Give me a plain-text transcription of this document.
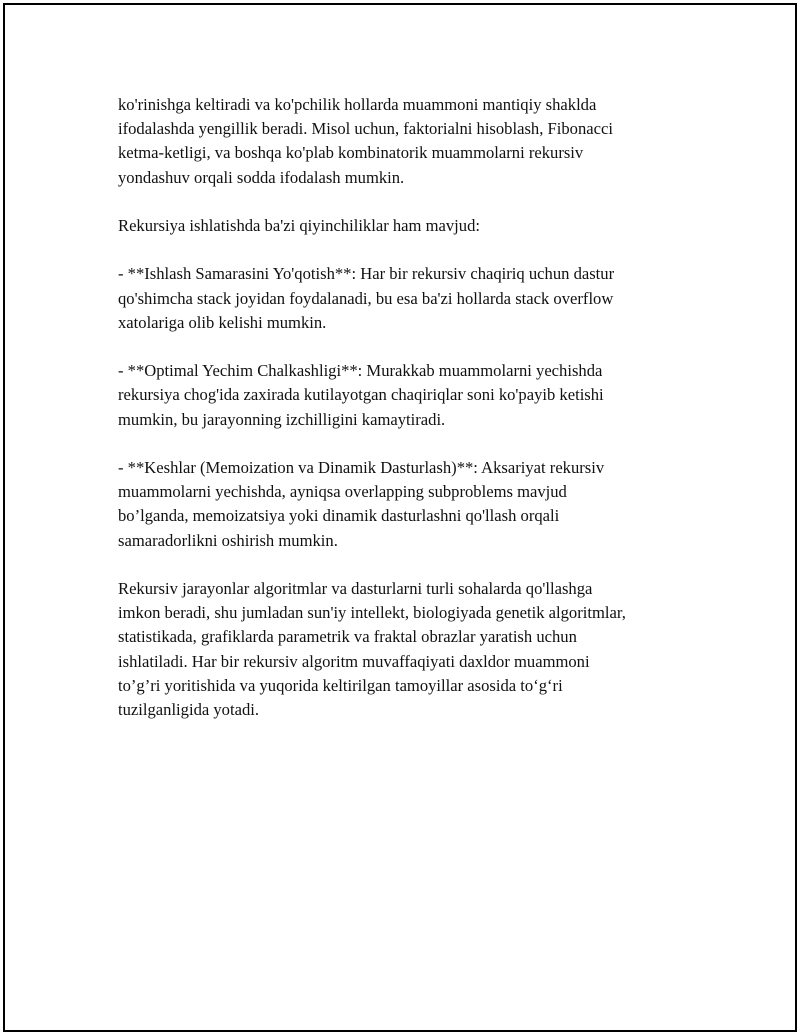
ko'rinishga keltiradi va ko'pchilik hollarda muammoni mantiqiy shaklda
ifodalashda yengillik beradi. Misol uchun, faktorialni hisoblash, Fibonacci
ketma-ketligi, va boshqa ko'plab kombinatorik muammolarni rekursiv
yondashuv orqali sodda ifodalash mumkin.

Rekursiya ishlatishda ba'zi qiyinchiliklar ham mavjud:

- **Ishlash Samarasini Yo'qotish**: Har bir rekursiv chaqiriq uchun dastur
qo'shimcha stack joyidan foydalanadi, bu esa ba'zi hollarda stack overflow
xatolariga olib kelishi mumkin.

- **Optimal Yechim Chalkashligi**: Murakkab muammolarni yechishda
rekursiya chog'ida zaxirada kutilayotgan chaqiriqlar soni ko'payib ketishi
mumkin, bu jarayonning izchilligini kamaytiradi.

- **Keshlar (Memoization va Dinamik Dasturlash)**: Aksariyat rekursiv
muammolarni yechishda, ayniqsa overlapping subproblems mavjud
bo’lganda, memoizatsiya yoki dinamik dasturlashni qo'llash orqali
samaradorlikni oshirish mumkin.

Rekursiv jarayonlar algoritmlar va dasturlarni turli sohalarda qo'llashga
imkon beradi, shu jumladan sun'iy intellekt, biologiyada genetik algoritmlar,
statistikada, grafiklarda parametrik va fraktal obrazlar yaratish uchun
ishlatiladi. Har bir rekursiv algoritm muvaffaqiyati daxldor muammoni
to’g’ri yoritishida va yuqorida keltirilgan tamoyillar asosida to‘g‘ri
tuzilganligida yotadi.
